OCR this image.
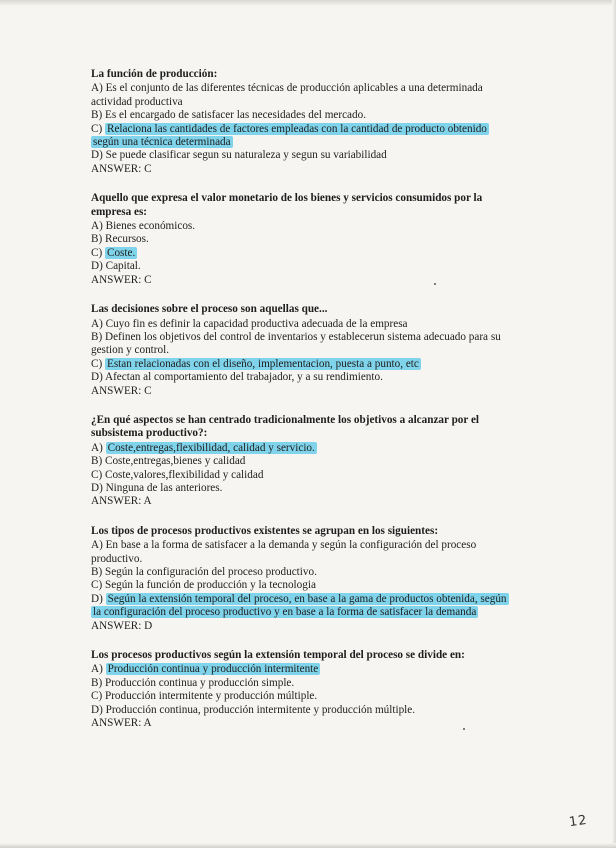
La función de producción:
A) Es el conjunto de las diferentes técnicas de producción aplicables a una determinada actividad productiva
B) Es el encargado de satisfacer las necesidades del mercado.
C) Relaciona las cantidades de factores empleadas con la cantidad de producto obtenido según una técnica determinada
D) Se puede clasificar segun su naturaleza y segun su variabilidad
ANSWER: C
Aquello que expresa el valor monetario de los bienes y servicios consumidos por la empresa es:
A) Bienes económicos.
B) Recursos.
C) Coste.
D) Capital.
ANSWER: C
Las decisiones sobre el proceso son aquellas que...
A) Cuyo fin es definir la capacidad productiva adecuada de la empresa
B) Definen los objetivos del control de inventarios y establecerun sistema adecuado para su gestion y control.
C) Estan relacionadas con el diseño, implementacion, puesta a punto, etc
D) Afectan al comportamiento del trabajador, y a su rendimiento.
ANSWER: C
¿En qué aspectos se han centrado tradicionalmente los objetivos a alcanzar por el subsistema productivo?:
A) Coste,entregas,flexibilidad, calidad y servicio.
B) Coste,entregas,bienes y calidad
C) Coste,valores,flexibilidad y calidad
D) Ninguna de las anteriores.
ANSWER: A
Los tipos de procesos productivos existentes se agrupan en los siguientes:
A) En base a la forma de satisfacer a la demanda y según la configuración del proceso productivo.
B) Según la configuración del proceso productivo.
C) Según la función de producción y la tecnologia
D) Según la extensión temporal del proceso, en base a la gama de productos obtenida, según la configuración del proceso productivo y en base a la forma de satisfacer la demanda
ANSWER: D
Los procesos productivos según la extensión temporal del proceso se divide en:
A) Producción continua y producción intermitente
B) Producción continua y producción simple.
C) Producción intermitente y producción múltiple.
D) Producción continua, producción intermitente y producción múltiple.
ANSWER: A
12
